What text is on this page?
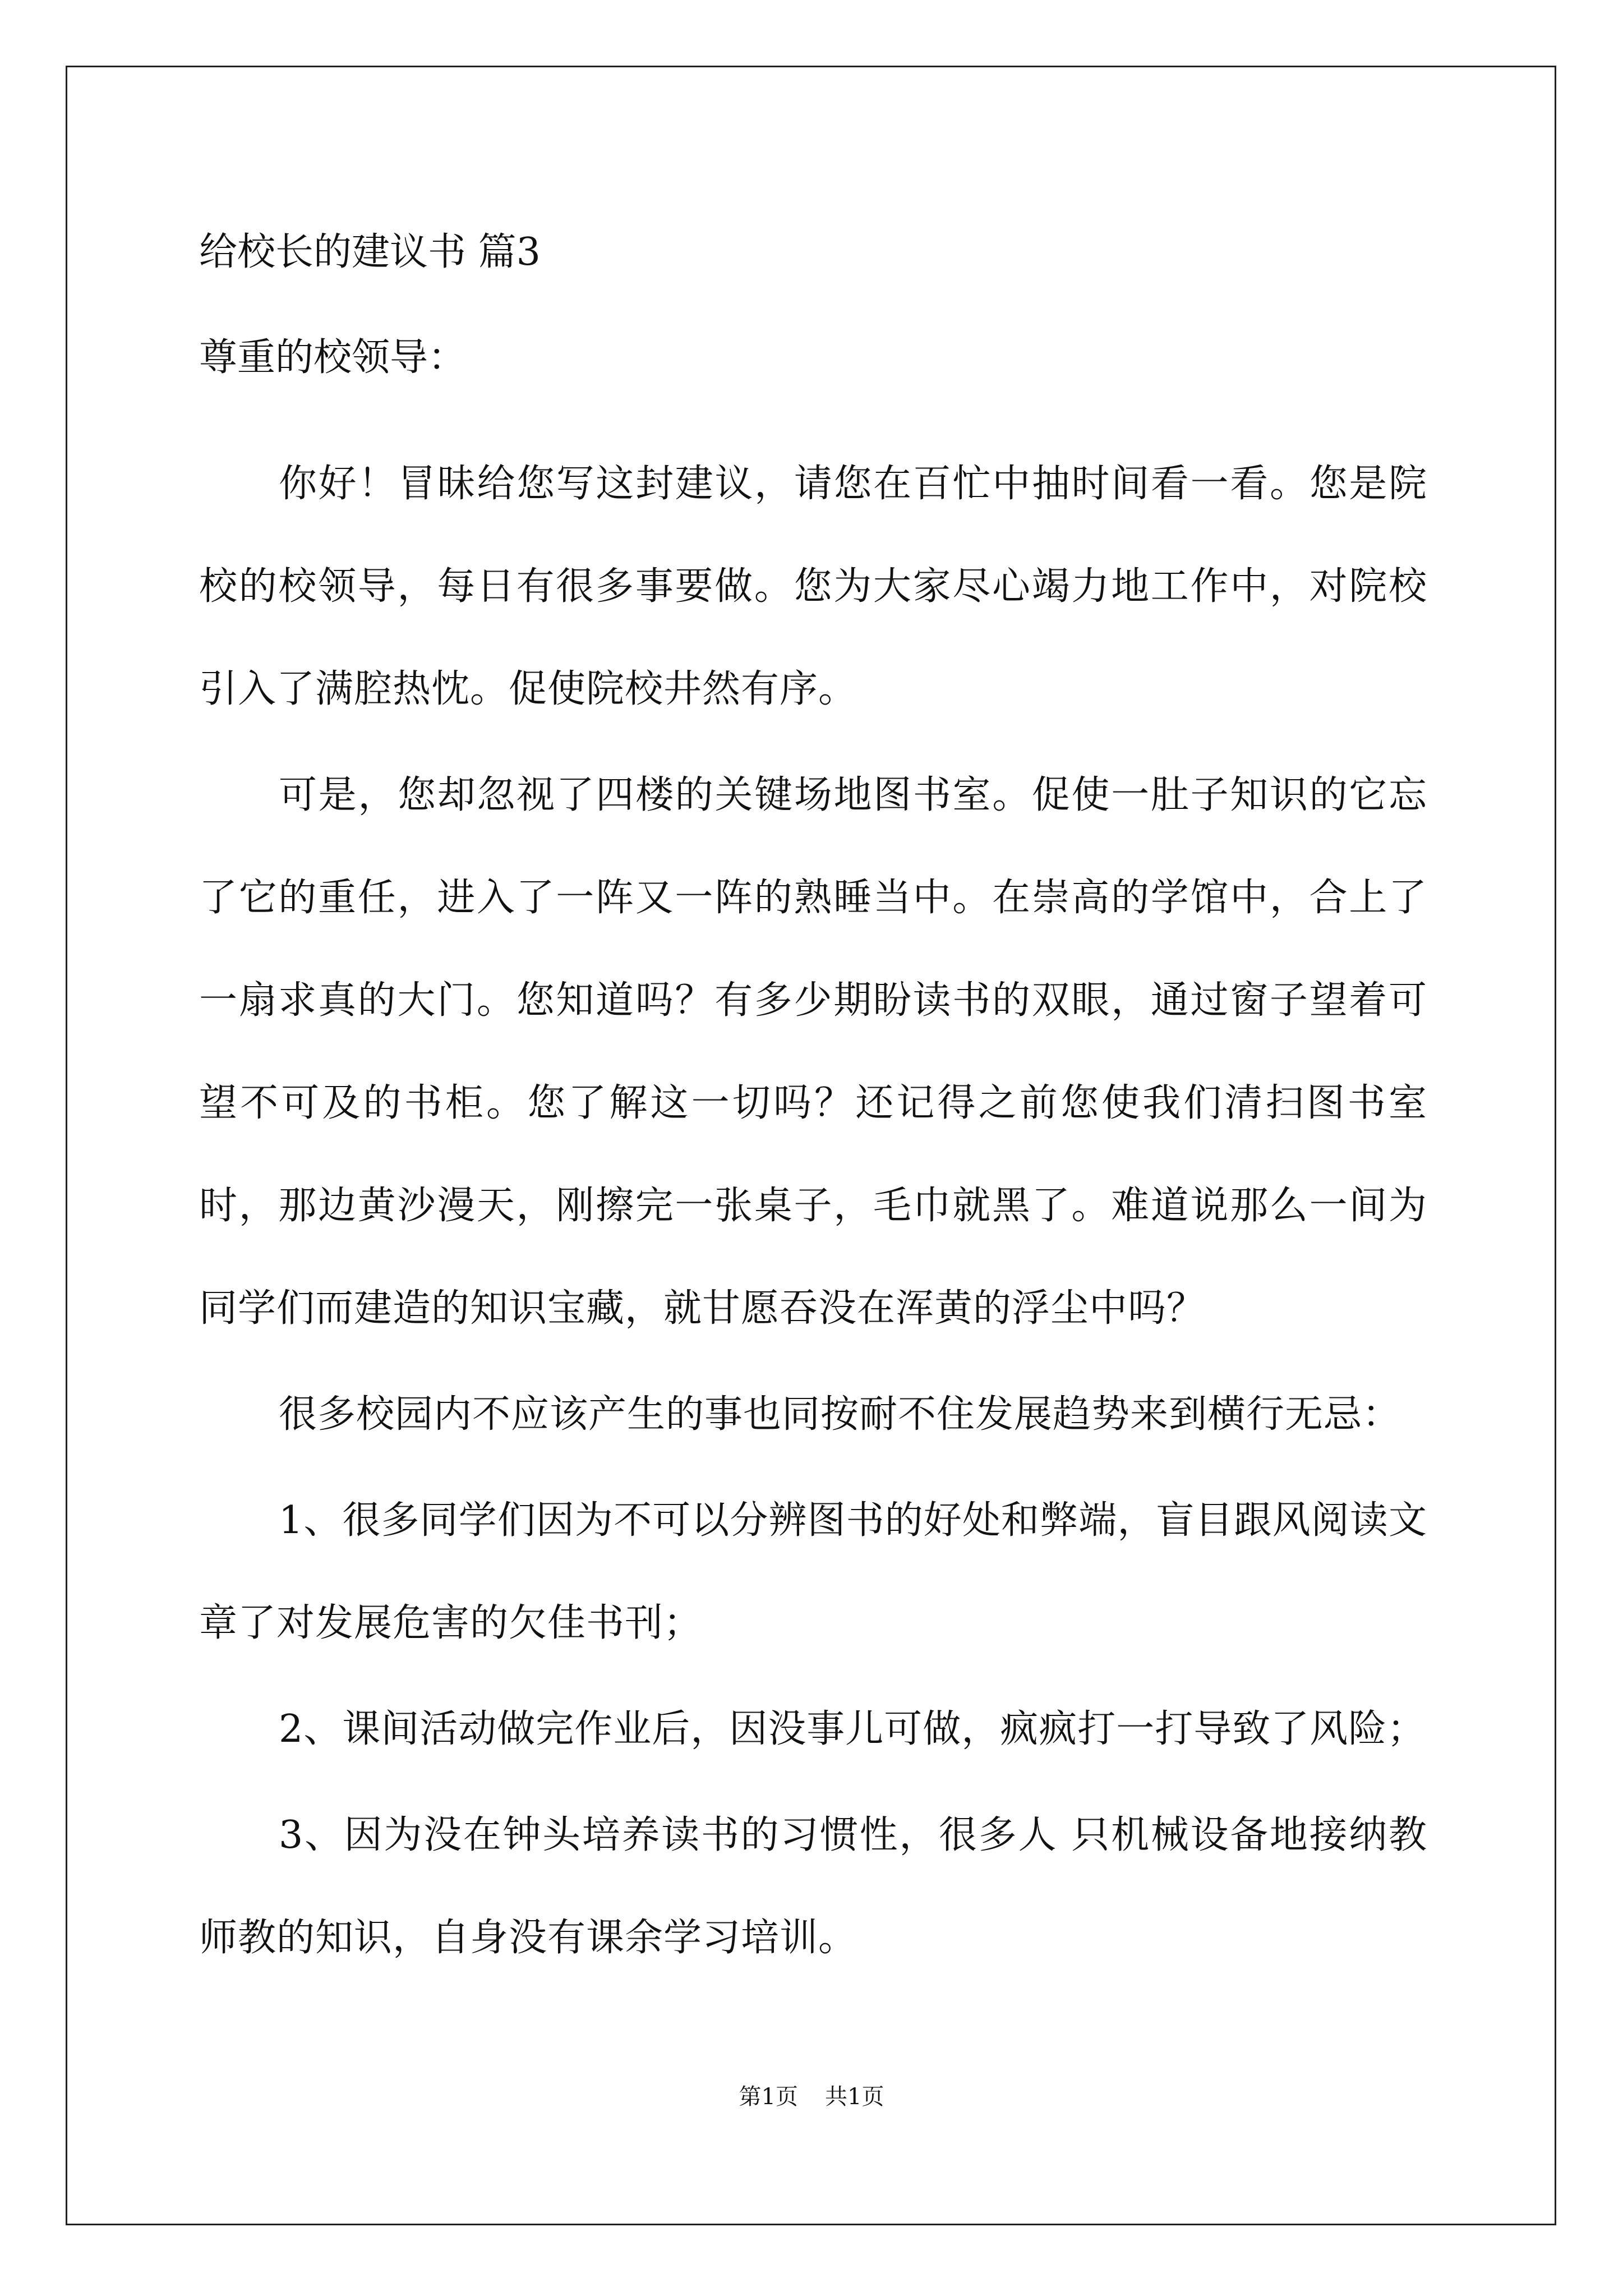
给校长的建议书 篇3
尊重的校领导：

你好！冒昧给您写这封建议，请您在百忙中抽时间看一看。您是院校的校领导，每日有很多事要做。您为大家尽心竭力地工作中，对院校引入了满腔热忱。促使院校井然有序。

可是，您却忽视了四楼的关键场地图书室。促使一肚子知识的它忘了它的重任，进入了一阵又一阵的熟睡当中。在崇高的学馆中，合上了一扇求真的大门。您知道吗？有多少期盼读书的双眼，通过窗子望着可望不可及的书柜。您了解这一切吗？还记得之前您使我们清扫图书室时，那边黄沙漫天，刚擦完一张桌子，毛巾就黑了。难道说那么一间为同学们而建造的知识宝藏，就甘愿吞没在浑黄的浮尘中吗？

很多校园内不应该产生的事也同按耐不住发展趋势来到横行无忌：

1、很多同学们因为不可以分辨图书的好处和弊端，盲目跟风阅读文章了对发展危害的欠佳书刊；

2、课间活动做完作业后，因没事儿可做，疯疯打一打导致了风险；

3、因为没在钟头培养读书的习惯性，很多人 只机械设备地接纳教师教的知识，自身没有课余学习培训。

第1页 共1页
